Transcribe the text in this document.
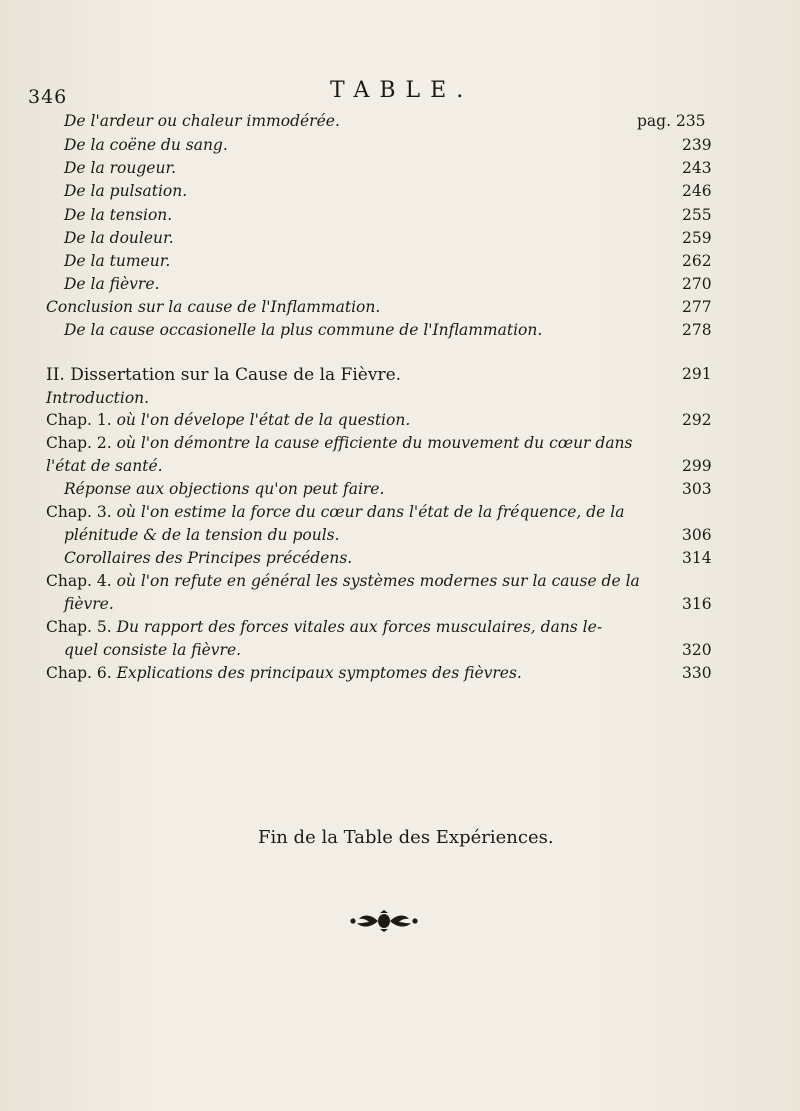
346	TABLE.
De l'ardeur ou chaleur immodérée.	pag. 235
De la coëne du sang.	239
De la rougeur.	243
De la pulsation.	246
De la tension.	255
De la douleur.	259
De la tumeur.	262
De la fièvre.	270
Conclusion sur la cause de l'Inflammation.	277
De la cause occasionelle la plus commune de l'Inflammation.	278
II. Dissertation sur la Cause de la Fièvre.	291
Introduction.
Chap. 1. où l'on dévelope l'état de la question.	292
Chap. 2. où l'on démontre la cause efficiente du mouvement du cœur dans
l'état de santé.	299
Réponse aux objections qu'on peut faire.	303
Chap. 3. où l'on estime la force du cœur dans l'état de la fréquence, de la
plénitude & de la tension du pouls.	306
Corollaires des Principes précédens.	314
Chap. 4. où l'on refute en général les systèmes modernes sur la cause de la
fièvre.	316
Chap. 5. Du rapport des forces vitales aux forces musculaires, dans le-
quel consiste la fièvre.	320
Chap. 6. Explications des principaux symptomes des fièvres.	330
Fin de la Table des Expériences.
